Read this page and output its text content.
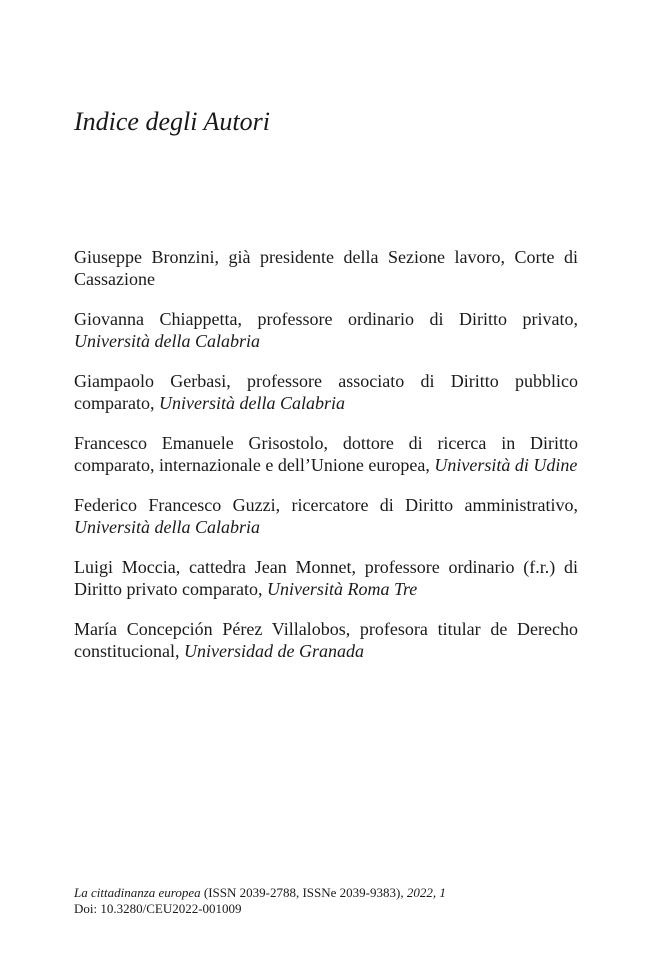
Indice degli Autori

Giuseppe Bronzini, già presidente della Sezione lavoro, Corte di Cassazione

Giovanna Chiappetta, professore ordinario di Diritto privato, Università della Calabria

Giampaolo Gerbasi, professore associato di Diritto pubblico comparato, Università della Calabria

Francesco Emanuele Grisostolo, dottore di ricerca in Diritto comparato, internazionale e dell’Unione europea, Università di Udine

Federico Francesco Guzzi, ricercatore di Diritto amministrativo, Università della Calabria

Luigi Moccia, cattedra Jean Monnet, professore ordinario (f.r.) di Diritto privato comparato, Università Roma Tre

María Concepción Pérez Villalobos, profesora titular de Derecho constitucional, Universidad de Granada

La cittadinanza europea (ISSN 2039-2788, ISSNe 2039-9383), 2022, 1
Doi: 10.3280/CEU2022-001009
